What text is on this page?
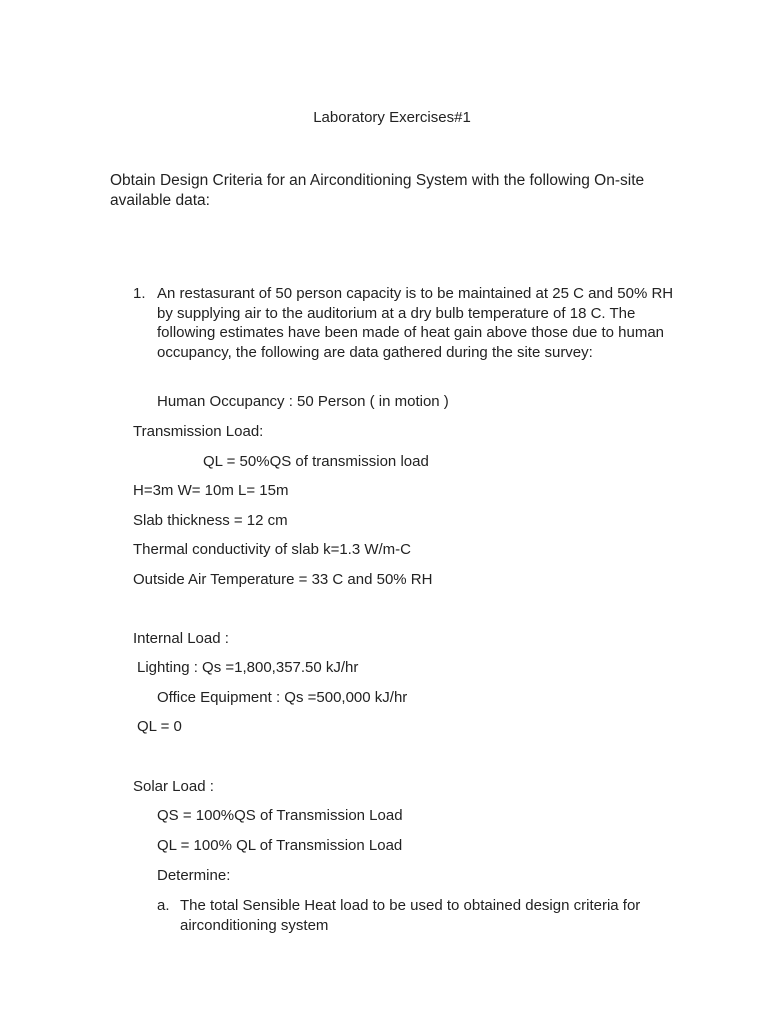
Laboratory Exercises#1

Obtain Design Criteria for an Airconditioning System with the following On-site available data:

1. An restasurant of 50 person capacity is to be maintained at 25 C and 50% RH by supplying air to the auditorium at a dry bulb temperature of 18 C. The following estimates have been made of heat gain above those due to human occupancy, the following are data gathered during the site survey:

Human Occupancy : 50 Person ( in motion )

Transmission Load:

QL = 50%QS of transmission load

H=3m W= 10m L= 15m

Slab thickness = 12 cm

Thermal conductivity of slab k=1.3 W/m-C

Outside Air Temperature = 33 C and 50% RH

Internal Load :

Lighting : Qs =1,800,357.50 kJ/hr

Office Equipment : Qs =500,000 kJ/hr

QL = 0

Solar Load :

QS = 100%QS of Transmission Load

QL = 100% QL of Transmission Load

Determine:

a. The total Sensible Heat load to be used to obtained design criteria for airconditioning system
